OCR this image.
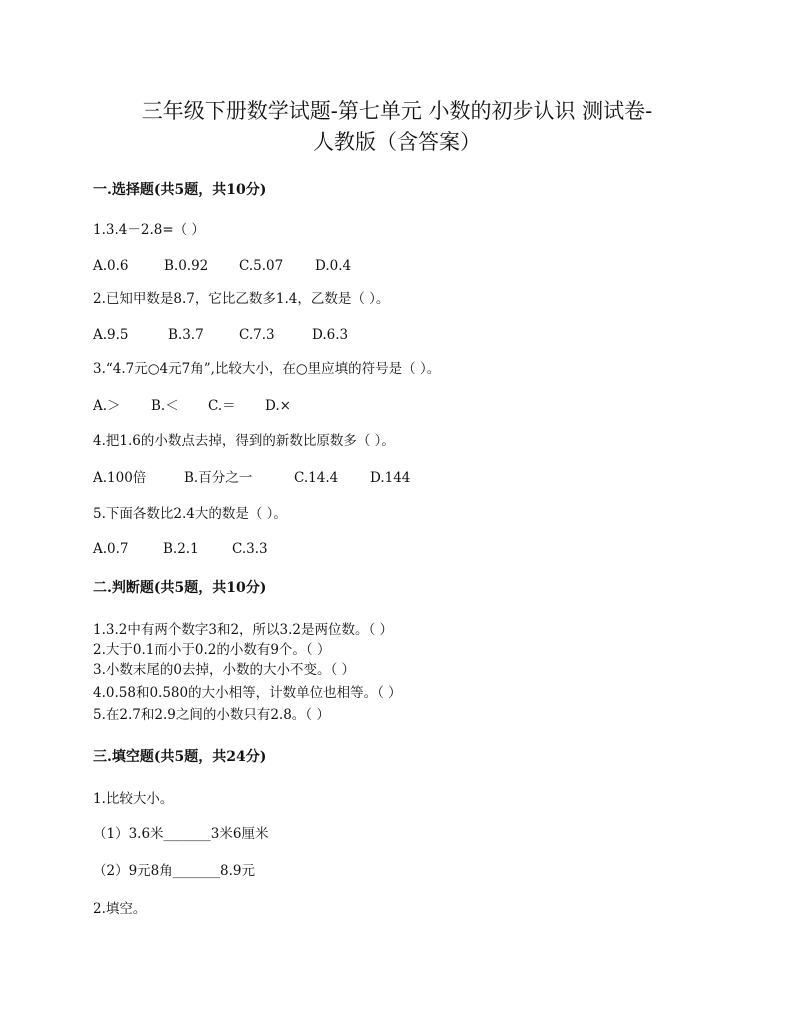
三年级下册数学试题-第七单元 小数的初步认识 测试卷-
人教版（含答案）
一.选择题(共5题，共10分)
1.3.4－2.8=（ ）
A.0.6	B.0.92 C.5.07 D.0.4
2.已知甲数是8.7，它比乙数多1.4，乙数是（ ）。
A.9.5	B.3.7	C.7.3	D.6.3
3.“4.7元○4元7角”,比较大小，在○里应填的符号是（ ）。
A.＞ B.＜ C.＝ D.×
4.把1.6的小数点去掉，得到的新数比原数多（ ）。
A.100倍	B.百分之一	C.14.4 D.144
5.下面各数比2.4大的数是（ ）。
A.0.7	B.2.1 C.3.3
二.判断题(共5题，共10分)
1.3.2中有两个数字3和2，所以3.2是两位数。（ ）
2.大于0.1而小于0.2的小数有9个。（ ）
3.小数末尾的0去掉，小数的大小不变。（ ）
4.0.58和0.580的大小相等，计数单位也相等。（ ）
5.在2.7和2.9之间的小数只有2.8。（ ）
三.填空题(共5题，共24分)
1.比较大小。
（1）3.6米_______3米6厘米
（2）9元8角_______8.9元
2.填空。
